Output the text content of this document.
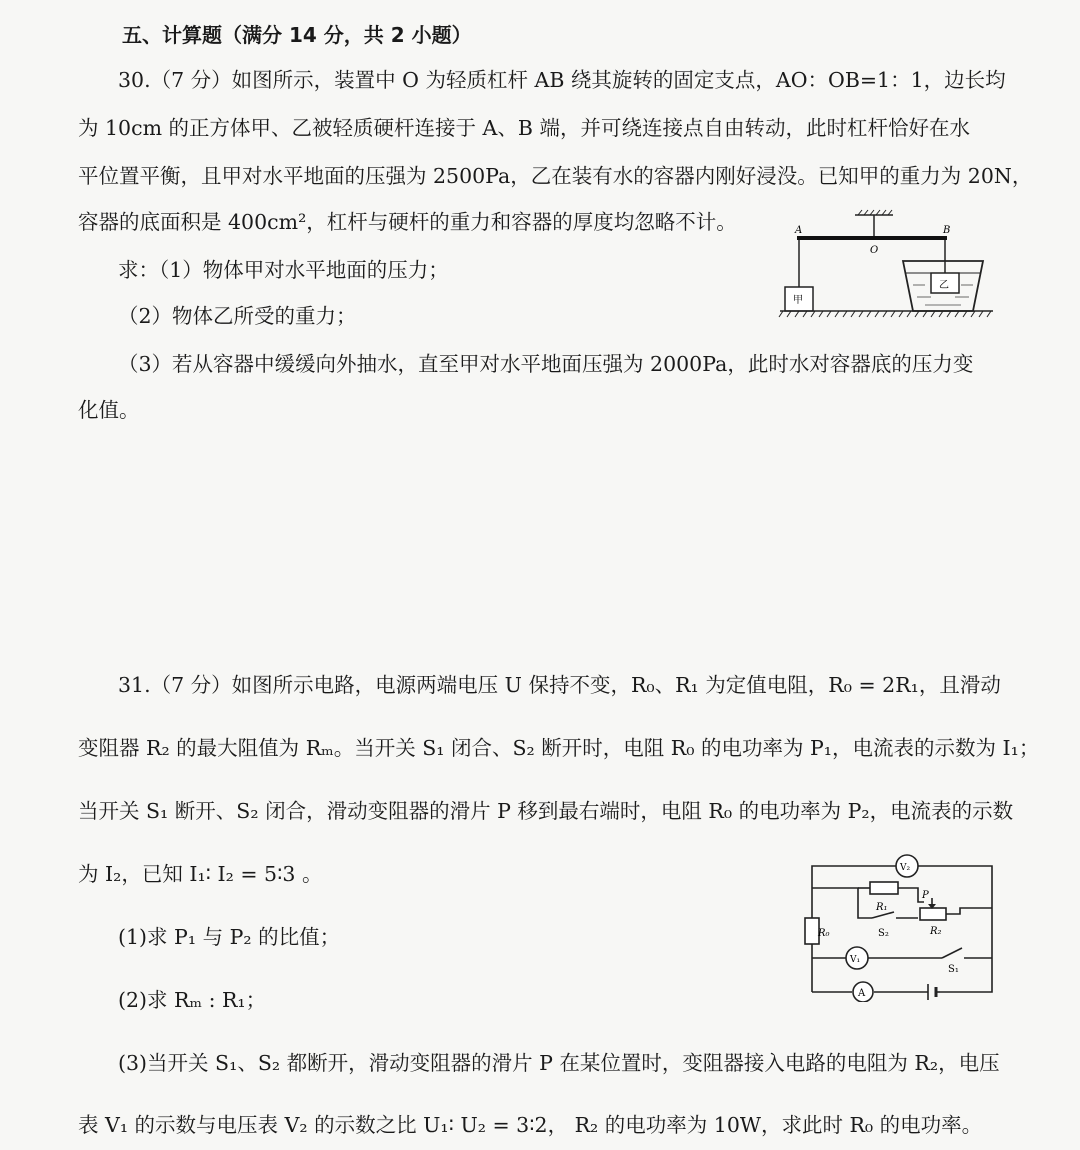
五、计算题（满分 14 分，共 2 小题）
30.（7 分）如图所示，装置中 O 为轻质杠杆 AB 绕其旋转的固定支点，AO：OB=1：1，边长均
为 10cm 的正方体甲、乙被轻质硬杆连接于 A、B 端，并可绕连接点自由转动，此时杠杆恰好在水
平位置平衡，且甲对水平地面的压强为 2500Pa，乙在装有水的容器内刚好浸没。已知甲的重力为 20N，
容器的底面积是 400cm²，杠杆与硬杆的重力和容器的厚度均忽略不计。
求：（1）物体甲对水平地面的压力；
（2）物体乙所受的重力；
（3）若从容器中缓缓向外抽水，直至甲对水平地面压强为 2000Pa，此时水对容器底的压力变
化值。
A	B
O
甲
乙
31.（7 分）如图所示电路，电源两端电压 U 保持不变，R₀、R₁ 为定值电阻，R₀ = 2R₁，且滑动
变阻器 R₂ 的最大阻值为 Rₘ。当开关 S₁ 闭合、S₂ 断开时，电阻 R₀ 的电功率为 P₁，电流表的示数为 I₁；
当开关 S₁ 断开、S₂ 闭合，滑动变阻器的滑片 P 移到最右端时，电阻 R₀ 的电功率为 P₂，电流表的示数
为 I₂，已知 I₁∶ I₂ = 5∶3 。
(1)求 P₁ 与 P₂ 的比值；
(2)求 Rₘ : R₁；
(3)当开关 S₁、S₂ 都断开，滑动变阻器的滑片 P 在某位置时，变阻器接入电路的电阻为 R₂，电压
表 V₁ 的示数与电压表 V₂ 的示数之比 U₁∶ U₂ = 3∶2， R₂ 的电功率为 10W，求此时 R₀ 的电功率。
R₁
R₀	S₂
P
R₂
S₁
V₂
V₁
A
